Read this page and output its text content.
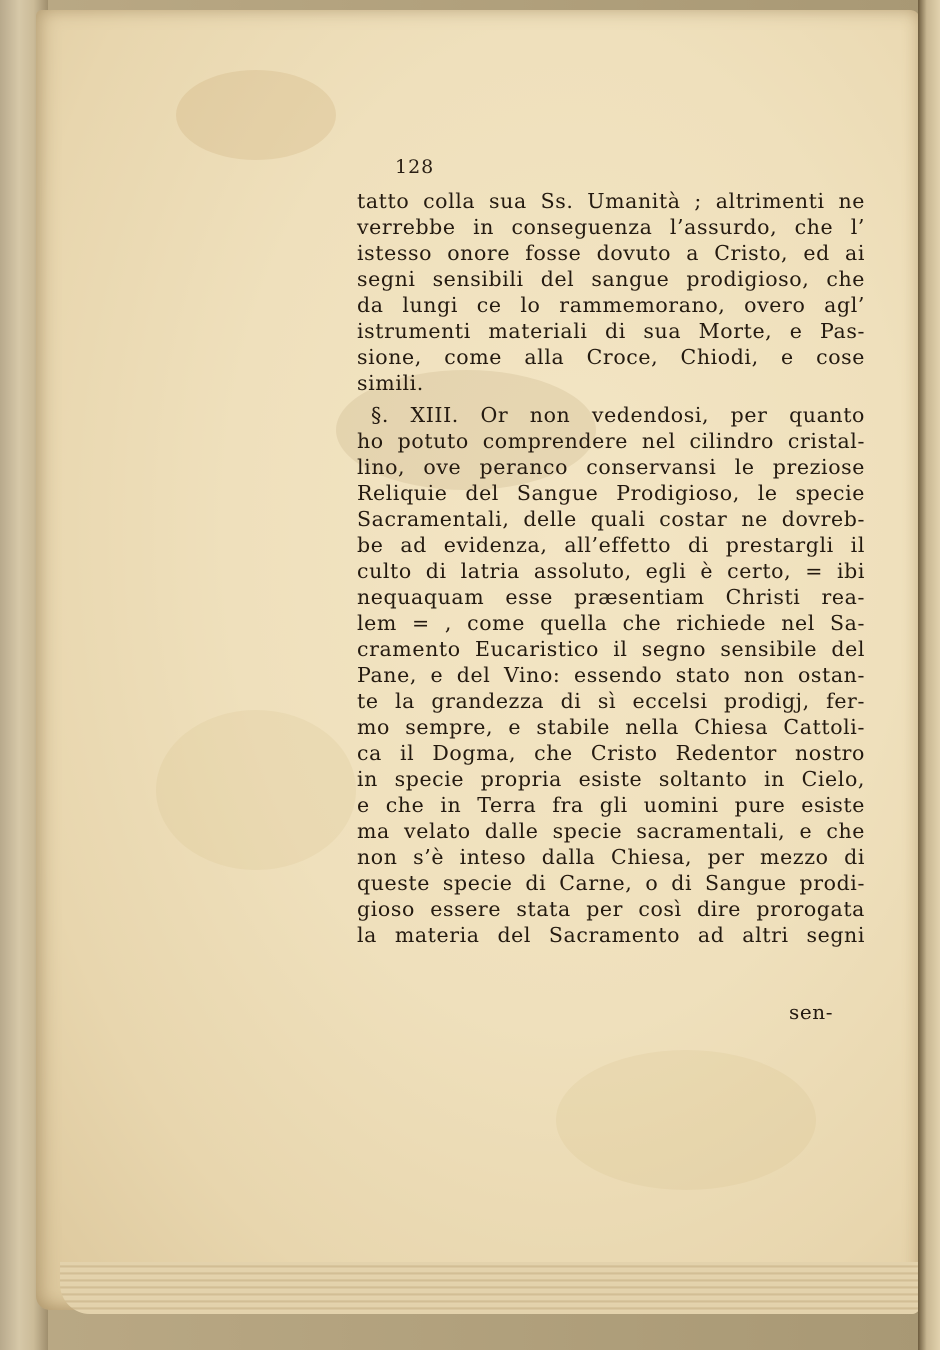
128
tatto colla sua Ss. Umanità ; altrimenti ne
verrebbe in conseguenza l’assurdo, che l’
istesso onore fosse dovuto a Cristo, ed ai
segni sensibili del sangue prodigioso, che
da lungi ce lo rammemorano, overo agl’
istrumenti materiali di sua Morte, e Pas-
sione, come alla Croce, Chiodi, e cose
simili.
§. XIII. Or non vedendosi, per quanto
ho potuto comprendere nel cilindro cristal-
lino, ove peranco conservansi le preziose
Reliquie del Sangue Prodigioso, le specie
Sacramentali, delle quali costar ne dovreb-
be ad evidenza, all’effetto di prestargli il
culto di latria assoluto, egli è certo, = ibi
nequaquam esse præsentiam Christi rea-
lem = , come quella che richiede nel Sa-
cramento Eucaristico il segno sensibile del
Pane, e del Vino: essendo stato non ostan-
te la grandezza di sì eccelsi prodigj, fer-
mo sempre, e stabile nella Chiesa Cattoli-
ca il Dogma, che Cristo Redentor nostro
in specie propria esiste soltanto in Cielo,
e che in Terra fra gli uomini pure esiste
ma velato dalle specie sacramentali, e che
non s’è inteso dalla Chiesa, per mezzo di
queste specie di Carne, o di Sangue prodi-
gioso essere stata per così dire prorogata
la materia del Sacramento ad altri segni
sen-
